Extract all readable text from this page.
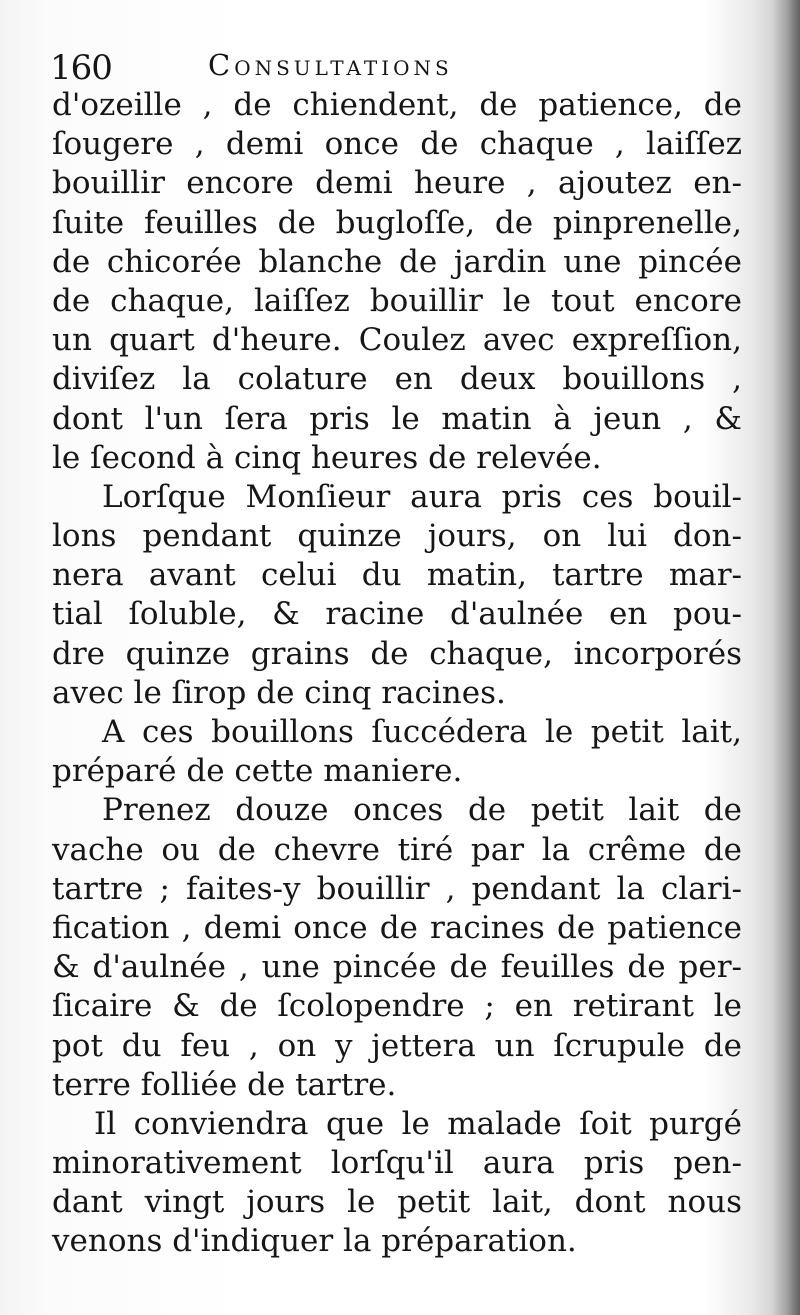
160	Consultations
d'ozeille , de chiendent, de patience, de
ſougere , demi once de chaque , laiſſez
bouillir encore demi heure , ajoutez en-
ſuite feuilles de bugloſſe, de pinprenelle,
de chicorée blanche de jardin une pincée
de chaque, laiſſez bouillir le tout encore
un quart d'heure. Coulez avec expreſſion,
diviſez la colature en deux bouillons ,
dont l'un ſera pris le matin à jeun , &
le ſecond à cinq heures de relevée.
Lorſque Monſieur aura pris ces bouil-
lons pendant quinze jours, on lui don-
nera avant celui du matin, tartre mar-
tial ſoluble, & racine d'aulnée en pou-
dre quinze grains de chaque, incorporés
avec le ſirop de cinq racines.
A ces bouillons ſuccédera le petit lait,
préparé de cette maniere.
Prenez douze onces de petit lait de
vache ou de chevre tiré par la crême de
tartre ; faites-y bouillir , pendant la clari-
fication , demi once de racines de patience
& d'aulnée , une pincée de feuilles de per-
ſicaire & de ſcolopendre ; en retirant le
pot du feu , on y jettera un ſcrupule de
terre folliée de tartre.
Il conviendra que le malade ſoit purgé
minorativement lorſqu'il aura pris pen-
dant vingt jours le petit lait, dont nous
venons d'indiquer la préparation.
